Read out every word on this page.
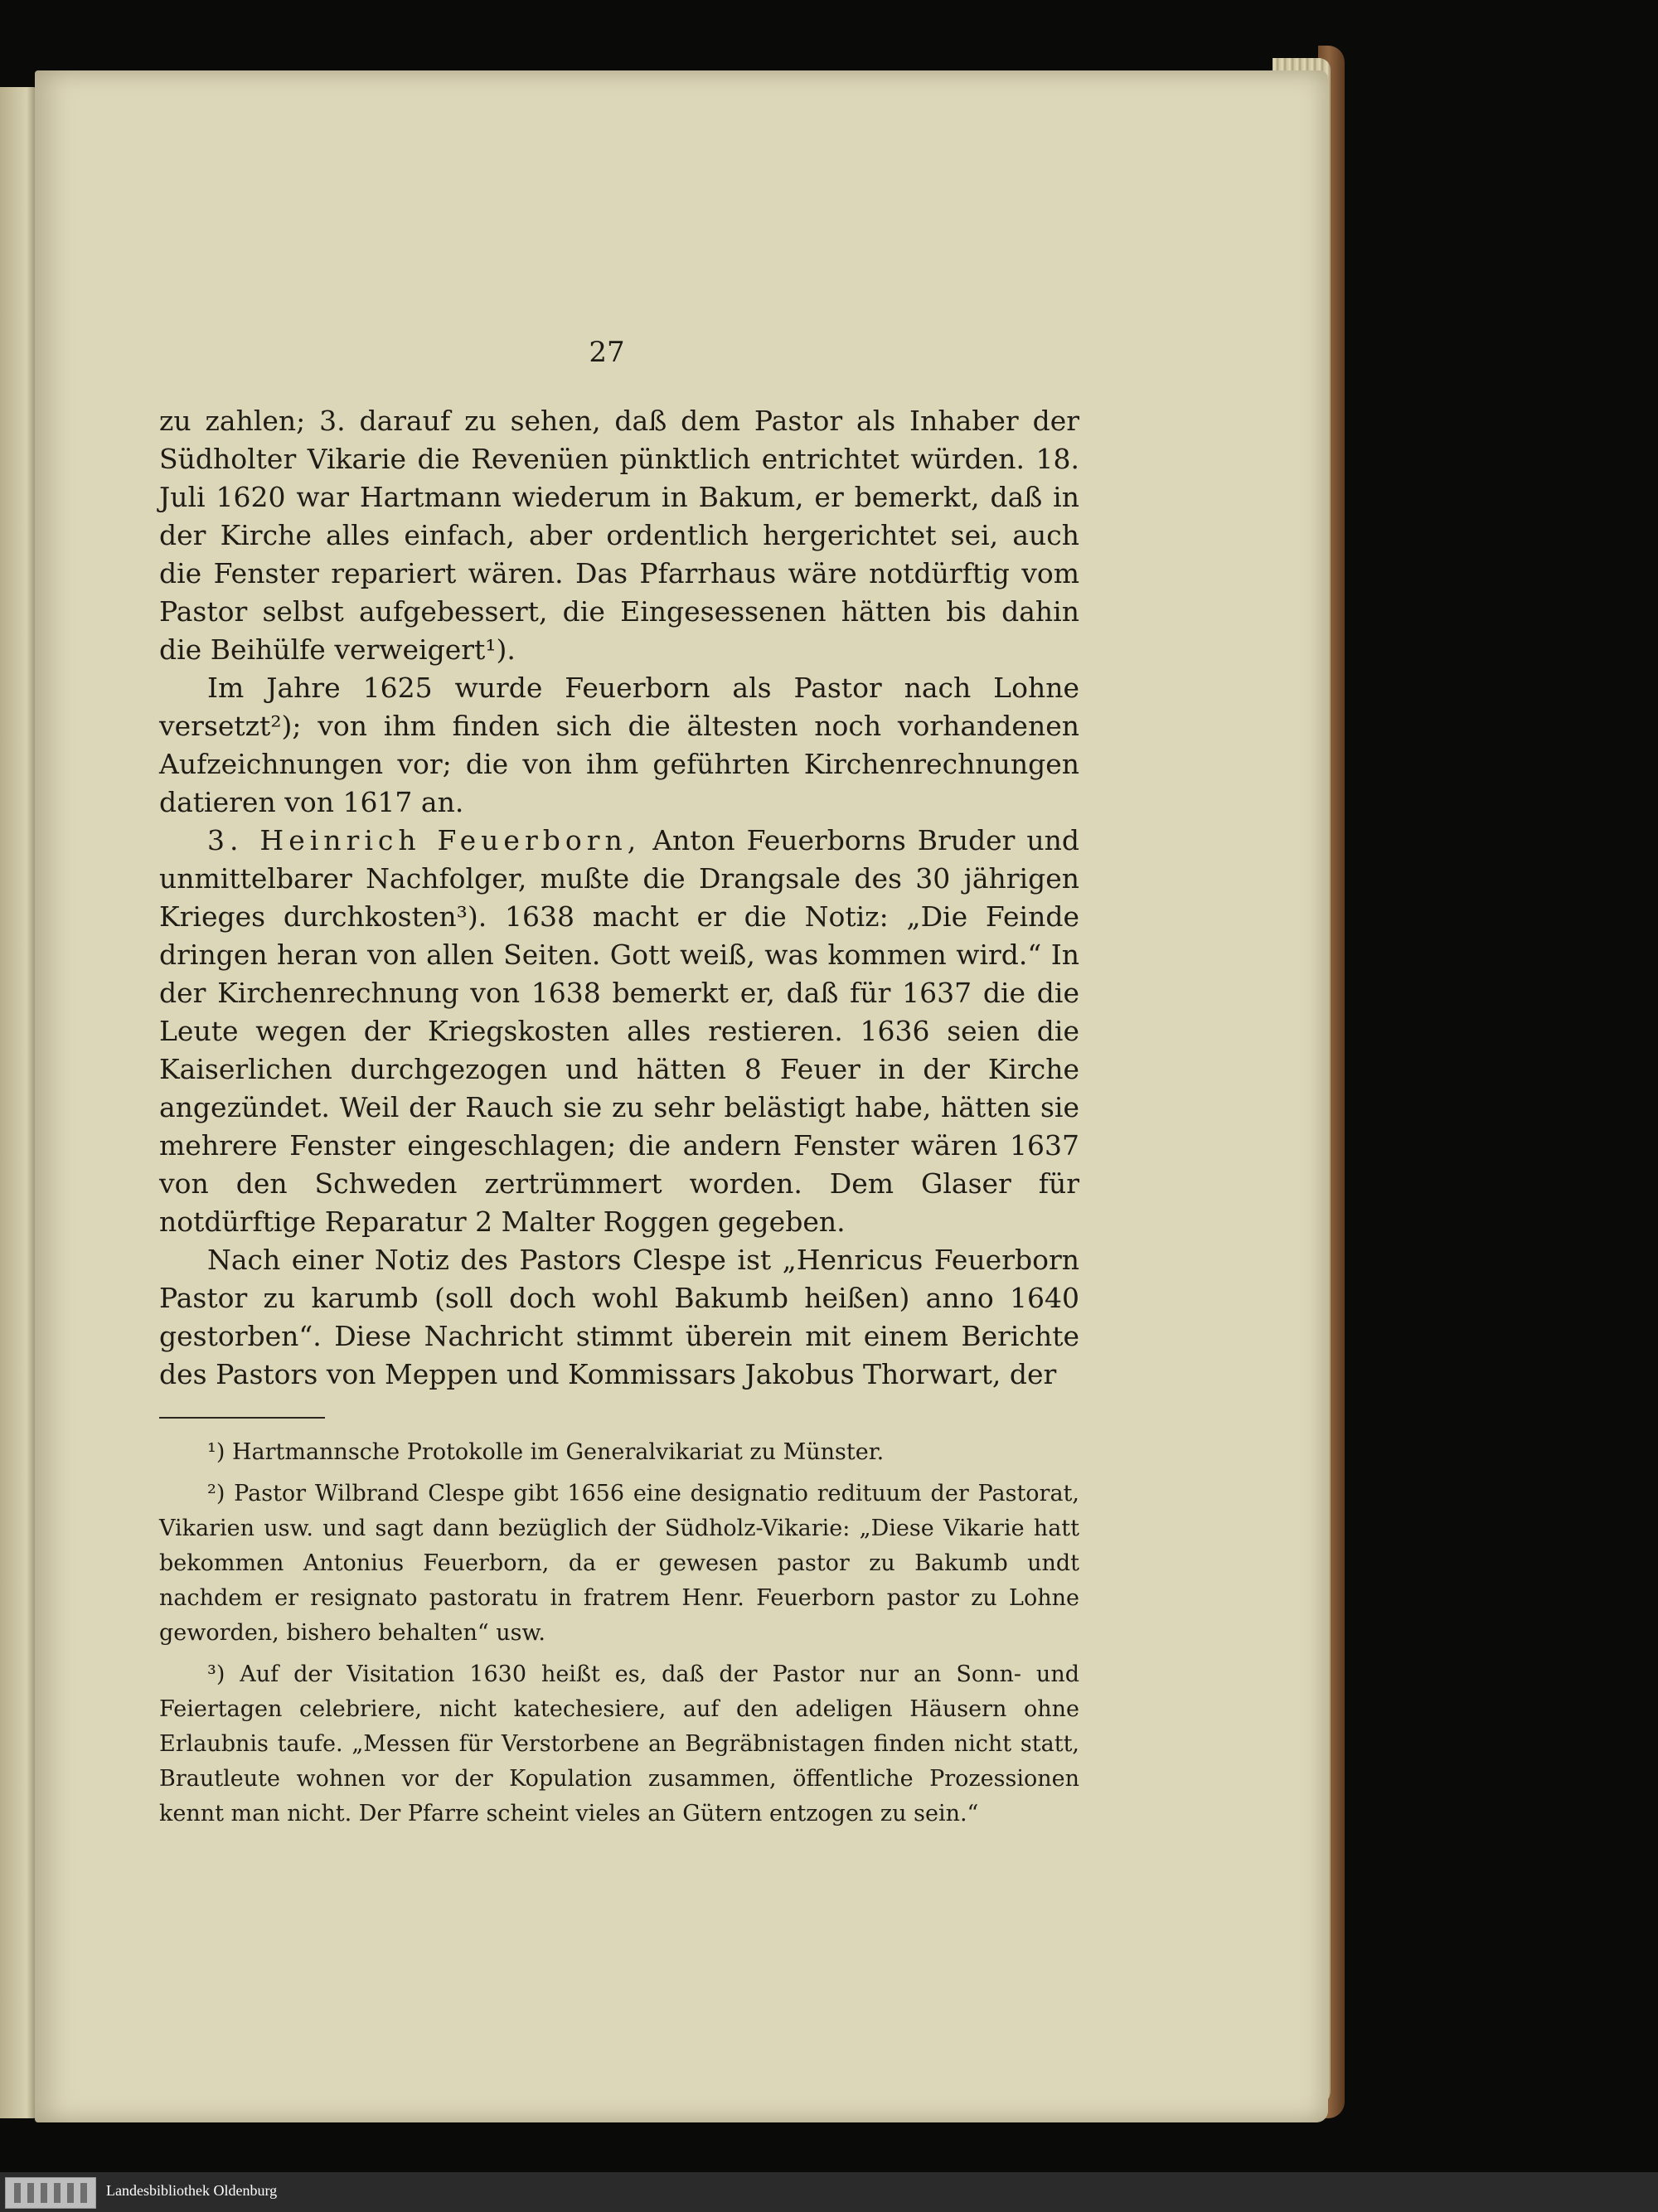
27

zu zahlen; 3. darauf zu sehen, daß dem Pastor als Inhaber der Südholter Vikarie die Revenüen pünktlich entrichtet würden. 18. Juli 1620 war Hartmann wiederum in Bakum, er bemerkt, daß in der Kirche alles einfach, aber ordentlich hergerichtet sei, auch die Fenster repariert wären. Das Pfarrhaus wäre notdürftig vom Pastor selbst aufgebessert, die Eingesessenen hätten bis dahin die Beihülfe verweigert¹).

Im Jahre 1625 wurde Feuerborn als Pastor nach Lohne versetzt²); von ihm finden sich die ältesten noch vorhandenen Aufzeichnungen vor; die von ihm geführten Kirchenrechnungen datieren von 1617 an.

3. Heinrich Feuerborn, Anton Feuerborns Bruder und unmittelbarer Nachfolger, mußte die Drangsale des 30 jährigen Krieges durchkosten³). 1638 macht er die Notiz: „Die Feinde dringen heran von allen Seiten. Gott weiß, was kommen wird.“ In der Kirchenrechnung von 1638 bemerkt er, daß für 1637 die die Leute wegen der Kriegskosten alles restieren. 1636 seien die Kaiserlichen durchgezogen und hätten 8 Feuer in der Kirche angezündet. Weil der Rauch sie zu sehr belästigt habe, hätten sie mehrere Fenster eingeschlagen; die andern Fenster wären 1637 von den Schweden zertrümmert worden. Dem Glaser für notdürftige Reparatur 2 Malter Roggen gegeben.

Nach einer Notiz des Pastors Clespe ist „Henricus Feuerborn Pastor zu karumb (soll doch wohl Bakumb heißen) anno 1640 gestorben“. Diese Nachricht stimmt überein mit einem Berichte des Pastors von Meppen und Kommissars Jakobus Thorwart, der

¹) Hartmannsche Protokolle im Generalvikariat zu Münster.

²) Pastor Wilbrand Clespe gibt 1656 eine designatio redituum der Pastorat, Vikarien usw. und sagt dann bezüglich der Südholz-Vikarie: „Diese Vikarie hatt bekommen Antonius Feuerborn, da er gewesen pastor zu Bakumb undt nachdem er resignato pastoratu in fratrem Henr. Feuerborn pastor zu Lohne geworden, bishero behalten“ usw.

³) Auf der Visitation 1630 heißt es, daß der Pastor nur an Sonn- und Feiertagen celebriere, nicht katechesiere, auf den adeligen Häusern ohne Erlaubnis taufe. „Messen für Verstorbene an Begräbnistagen finden nicht statt, Brautleute wohnen vor der Kopulation zusammen, öffentliche Prozessionen kennt man nicht. Der Pfarre scheint vieles an Gütern entzogen zu sein.“

Landesbibliothek Oldenburg
